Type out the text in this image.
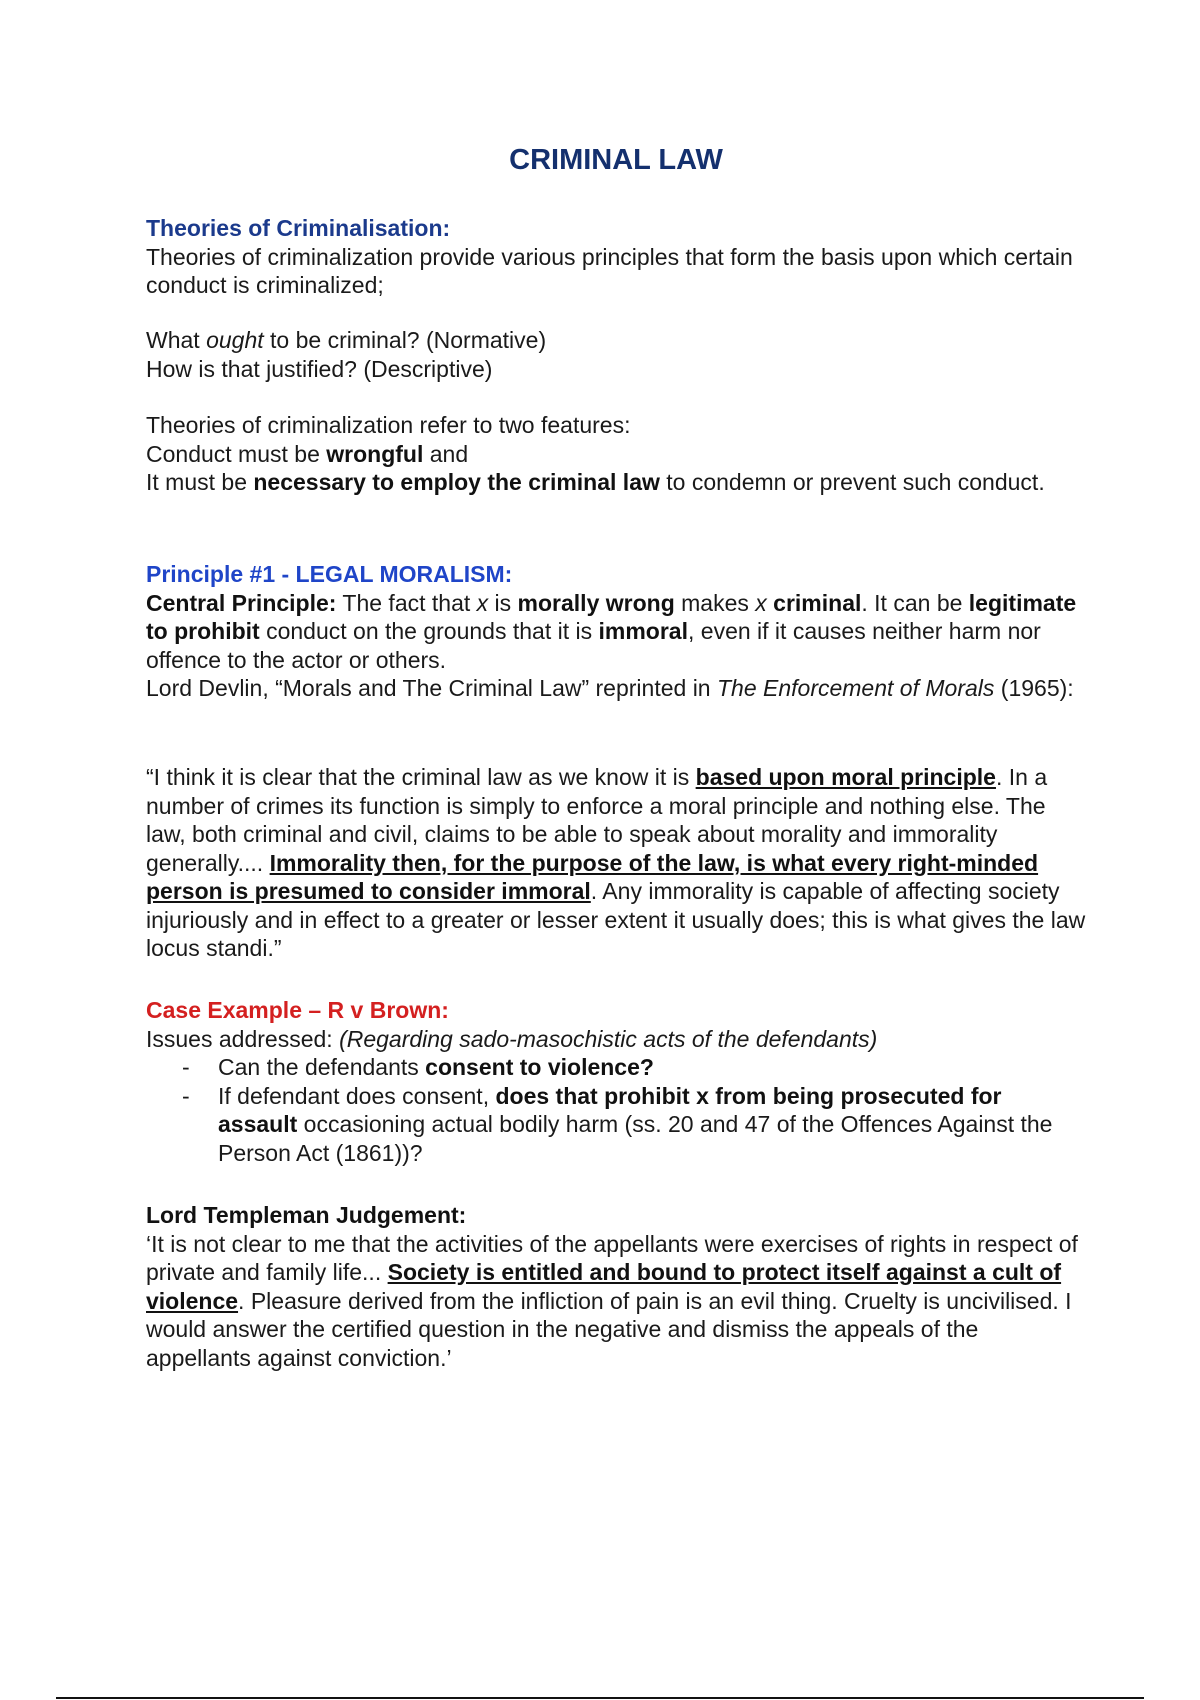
CRIMINAL LAW
Theories of Criminalisation:
Theories of criminalization provide various principles that form the basis upon which certain conduct is criminalized;
What ought to be criminal? (Normative)
How is that justified? (Descriptive)
Theories of criminalization refer to two features:
Conduct must be wrongful and
It must be necessary to employ the criminal law to condemn or prevent such conduct.
Principle #1 - LEGAL MORALISM:
Central Principle: The fact that x is morally wrong makes x criminal. It can be legitimate to prohibit conduct on the grounds that it is immoral, even if it causes neither harm nor offence to the actor or others.
Lord Devlin, “Morals and The Criminal Law” reprinted in The Enforcement of Morals (1965):
“I think it is clear that the criminal law as we know it is based upon moral principle. In a number of crimes its function is simply to enforce a moral principle and nothing else. The law, both criminal and civil, claims to be able to speak about morality and immorality generally.... Immorality then, for the purpose of the law, is what every right-minded person is presumed to consider immoral. Any immorality is capable of affecting society injuriously and in effect to a greater or lesser extent it usually does; this is what gives the law locus standi.”
Case Example – R v Brown:
Issues addressed: (Regarding sado-masochistic acts of the defendants)
- Can the defendants consent to violence?
- If defendant does consent, does that prohibit x from being prosecuted for assault occasioning actual bodily harm (ss. 20 and 47 of the Offences Against the Person Act (1861))?
Lord Templeman Judgement:
‘It is not clear to me that the activities of the appellants were exercises of rights in respect of private and family life... Society is entitled and bound to protect itself against a cult of violence. Pleasure derived from the infliction of pain is an evil thing. Cruelty is uncivilised. I would answer the certified question in the negative and dismiss the appeals of the appellants against conviction.’
